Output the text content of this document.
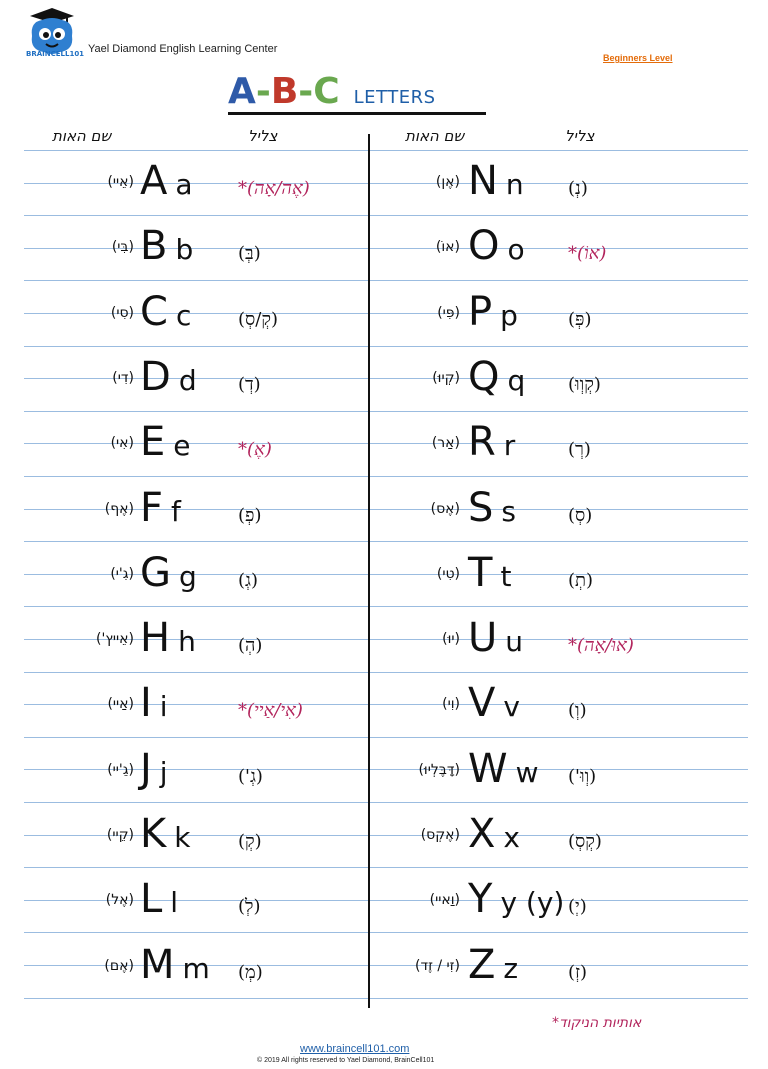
BRAINCELL101 Yael Diamond English Learning Center
Beginners Level
A-B-C LETTERS
שם האות	צליל	שם האות	צליל
(אֵיי) A a	(אֶה/אָה)*
(בִּי) B b (בְּ)
(סִי) C c	(קְ/סְ)
(דִי) D d (דְ)
(אִי) E e	(אֶ)*
(אֶף) F f	(פְ)
(גִ'י) G g (גְ)
(אֵייץ') H h (הְ)
(אַיי) I i	(אִי/אַיי)*
(גֵ'יי) J j	(גְ')
(קֵיי) K k	(קְ)
(אֶל) L l	(לְ)
(אֶם) M m (מְ)
(אֶן) N n (נְ)
(אוֹ) O o (אוֹ)*
(פִּי) P p	(פְּ)
(קְיוּ) Q q (קְוְוּ)
(אַר) R r	(רְ)
(אֶס) S s	(סְ)
(טִי) T t	(תְ)
(יוּ) U u (אוּ/אָה)*
(וִי) V v	(וְ)
(דָּבֶּלְיוּ) W w (וְוּ')
(אֶקְס) X x	(קְסְ)
(וַאיי) Y y (y) (יְ)
(זִי / זֶד) Z z	(זְ)
*אותיות הניקוד
www.braincell101.com
© 2019 All rights reserved to Yael Diamond, BrainCell101
